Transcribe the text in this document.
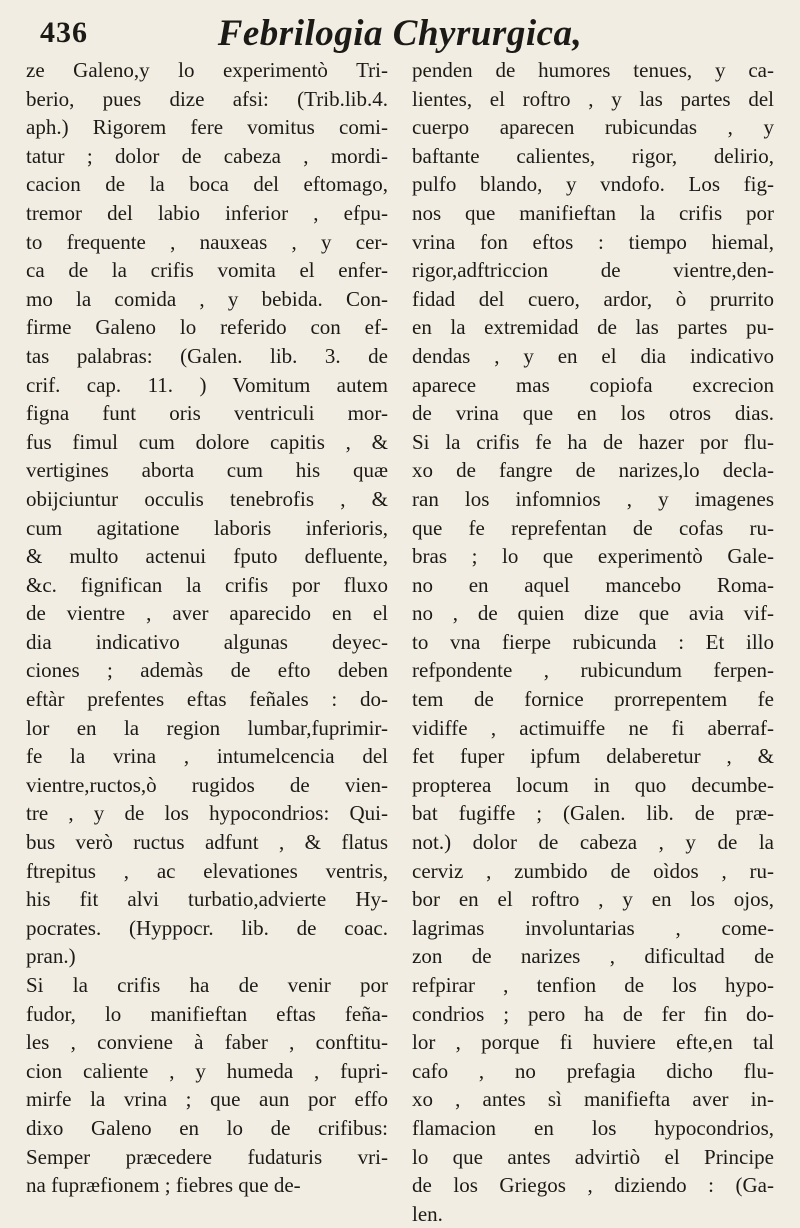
436	Febrilogia Chyrurgica,
ze Galeno,y lo experimentò Tri-
berio, pues dize afsi: (Trib.lib.4.
aph.) Rigorem fere vomitus comi-
tatur ; dolor de cabeza , mordi-
cacion de la boca del eftomago,
tremor del labio inferior , efpu-
to frequente , nauxeas , y cer-
ca de la crifis vomita el enfer-
mo la comida , y bebida. Con-
firme Galeno lo referido con ef-
tas palabras: (Galen. lib. 3. de
crif. cap. 11. ) Vomitum autem
figna funt oris ventriculi mor-
fus fimul cum dolore capitis , &
vertigines aborta cum his quæ
obijciuntur occulis tenebrofis , &
cum agitatione laboris inferioris,
& multo actenui fputo defluente,
&c. fignifican la crifis por fluxo
de vientre , aver aparecido en el
dia indicativo algunas deyec-
ciones ; ademàs de efto deben
eftàr prefentes eftas feñales : do-
lor en la region lumbar,fuprimir-
fe la vrina , intumelcencia del
vientre,ructos,ò rugidos de vien-
tre , y de los hypocondrios: Qui-
bus verò ructus adfunt , & flatus
ftrepitus , ac elevationes ventris,
his fit alvi turbatio,advierte Hy-
pocrates. (Hyppocr. lib. de coac.
pran.)
Si la crifis ha de venir por
fudor, lo manifieftan eftas feña-
les , conviene à faber , conftitu-
cion caliente , y humeda , fupri-
mirfe la vrina ; que aun por effo
dixo Galeno en lo de crifibus:
Semper præcedere fudaturis vri-
na fupræfionem ; fiebres que de-
penden de humores tenues, y ca-
lientes, el roftro , y las partes del
cuerpo aparecen rubicundas , y
baftante calientes, rigor, delirio,
pulfo blando, y vndofo. Los fig-
nos que manifieftan la crifis por
vrina fon eftos : tiempo hiemal,
rigor,adftriccion de vientre,den-
fidad del cuero, ardor, ò prurrito
en la extremidad de las partes pu-
dendas , y en el dia indicativo
aparece mas copiofa excrecion
de vrina que en los otros dias.
Si la crifis fe ha de hazer por flu-
xo de fangre de narizes,lo decla-
ran los infomnios , y imagenes
que fe reprefentan de cofas ru-
bras ; lo que experimentò Gale-
no en aquel mancebo Roma-
no , de quien dize que avia vif-
to vna fierpe rubicunda : Et illo
refpondente , rubicundum ferpen-
tem de fornice prorrepentem fe
vidiffe , actimuiffe ne fi aberraf-
fet fuper ipfum delaberetur , &
propterea locum in quo decumbe-
bat fugiffe ; (Galen. lib. de præ-
not.) dolor de cabeza , y de la
cerviz , zumbido de oìdos , ru-
bor en el roftro , y en los ojos,
lagrimas involuntarias , come-
zon de narizes , dificultad de
refpirar , tenfion de los hypo-
condrios ; pero ha de fer fin do-
lor , porque fi huviere efte,en tal
cafo , no prefagia dicho flu-
xo , antes sì manifiefta aver in-
flamacion en los hypocondrios,
lo que antes advirtiò el Principe
de los Griegos , diziendo : (Ga-
len.
